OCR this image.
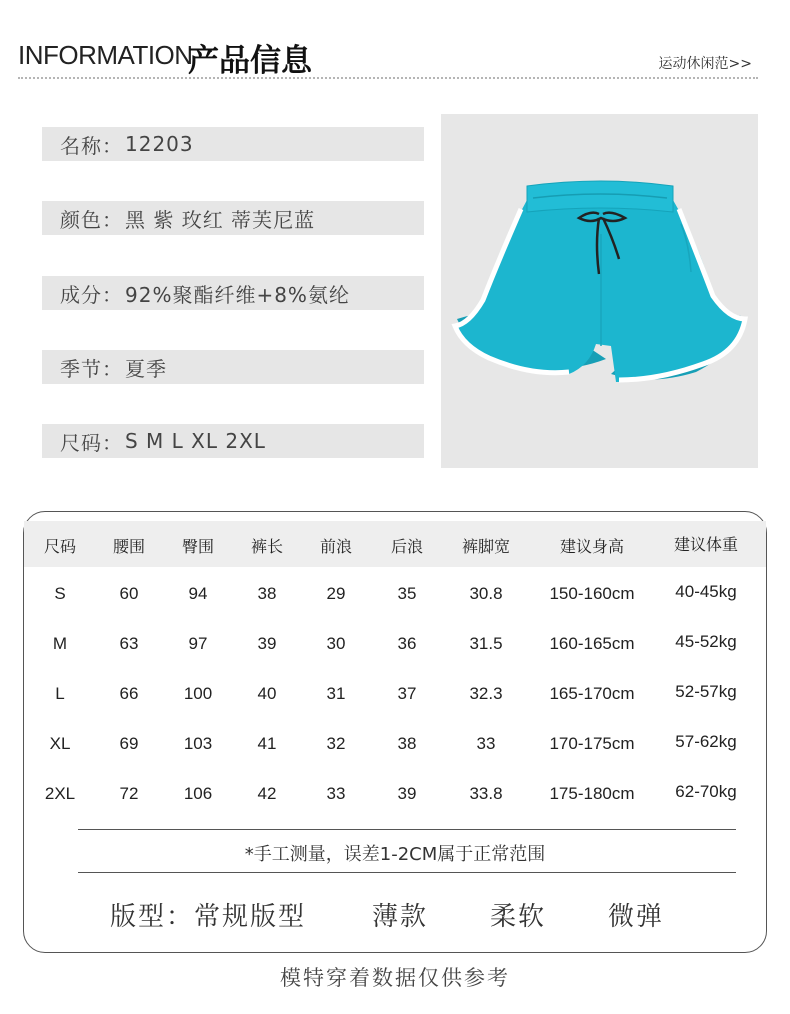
INFORMATION
产品信息	运动休闲范>>
名称： 12203
颜色： 黑 紫 玫红 蒂芙尼蓝
成分： 92%聚酯纤维+8%氨纶
季节： 夏季
尺码： S M L XL 2XL
尺码 腰围 臀围 裤长 前浪 后浪 裤脚宽	建议身高	建议体重
S	60	94	38	29	35	30.8	150-160cm 40-45kg
M	63	97	39	30	36	31.5	160-165cm 45-52kg
L	66	100	40	31	37	32.3	165-170cm 52-57kg
XL	69	103	41	32	38	33	170-175cm 57-62kg
2XL	72	106	42	33	39	33.8	175-180cm 62-70kg
*手工测量，误差1-2CM属于正常范围
版型：常规版型	薄款 柔软 微弹
模特穿着数据仅供参考
